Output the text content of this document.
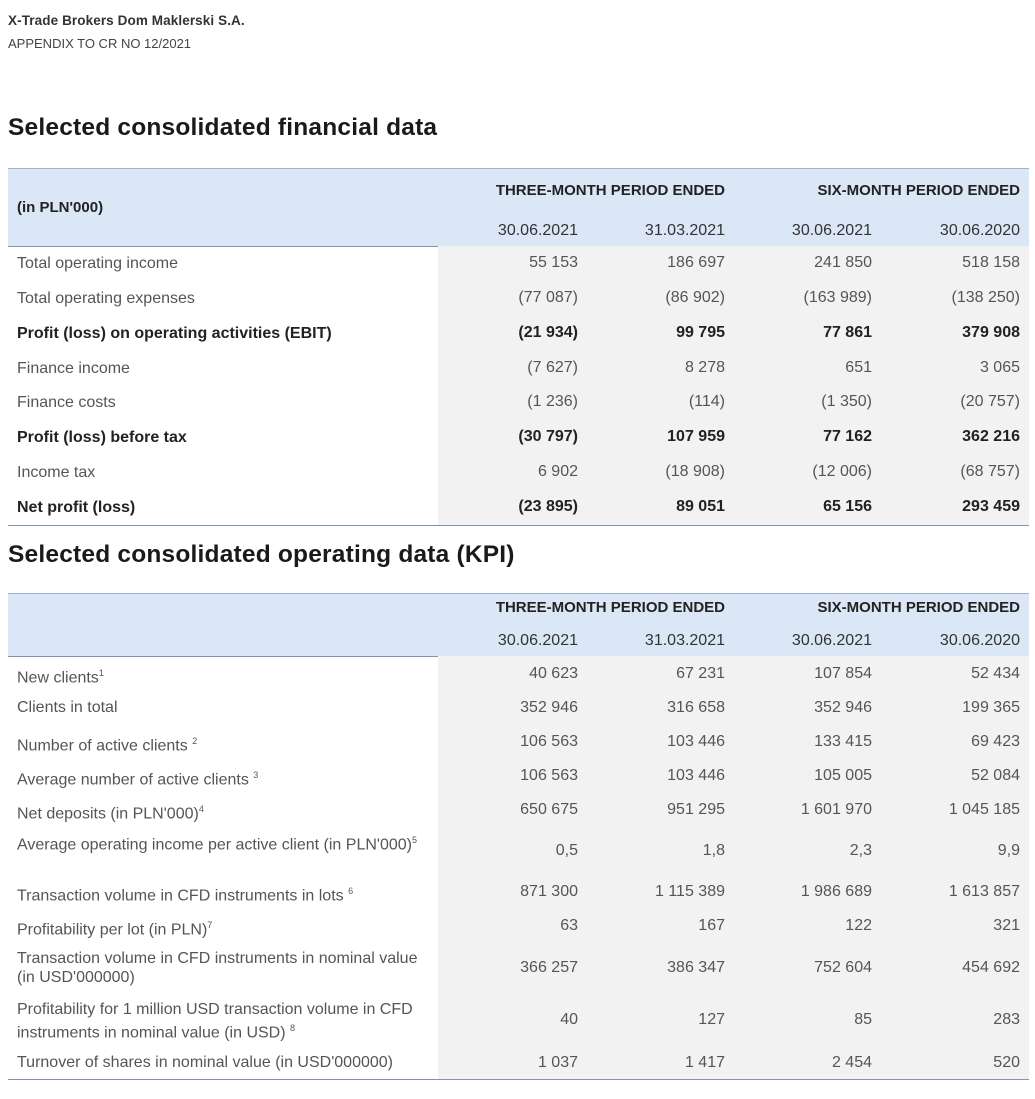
X-Trade Brokers Dom Maklerski S.A.
APPENDIX TO CR NO 12/2021
Selected consolidated financial data
(in PLN'000)
THREE-MONTH PERIOD ENDED	SIX-MONTH PERIOD ENDED
30.06.2021	31.03.2021	30.06.2021	30.06.2020
Total operating income	55 153	186 697	241 850	518 158
Total operating expenses	(77 087)	(86 902)	(163 989)	(138 250)
Profit (loss) on operating activities (EBIT)	(21 934)	99 795	77 861	379 908
Finance income	(7 627)	8 278	651	3 065
Finance costs	(1 236)	(114)	(1 350)	(20 757)
Profit (loss) before tax	(30 797)	107 959	77 162	362 216
Income tax	6 902	(18 908)	(12 006)	(68 757)
Net profit (loss)	(23 895)	89 051	65 156	293 459
Selected consolidated operating data (KPI)
THREE-MONTH PERIOD ENDED	SIX-MONTH PERIOD ENDED
30.06.2021	31.03.2021	30.06.2021	30.06.2020
New clients$^1$	40 623	67 231	107 854	52 434
Clients in total	352 946	316 658	352 946	199 365
Number of active clients $^2$	106 563	103 446	133 415	69 423
Average number of active clients $^3$	106 563	103 446	105 005	52 084
Net deposits (in PLN'000)$^4$	650 675	951 295	1 601 970	1 045 185
Average operating income per active client (in PLN'000)$^5$
0,5	1,8	2,3	9,9
Transaction volume in CFD instruments in lots $^6$	871 300	1 115 389	1 986 689	1 613 857
Profitability per lot (in PLN)$^7$	63	167	122	321
Transaction volume in CFD instruments in nominal value (in USD'000000)
366 257	386 347	752 604	454 692
Profitability for 1 million USD transaction volume in CFD instruments in nominal value (in USD) $^8$
40	127	85	283
Turnover of shares in nominal value (in USD'000000)	1 037	1 417	2 454	520
